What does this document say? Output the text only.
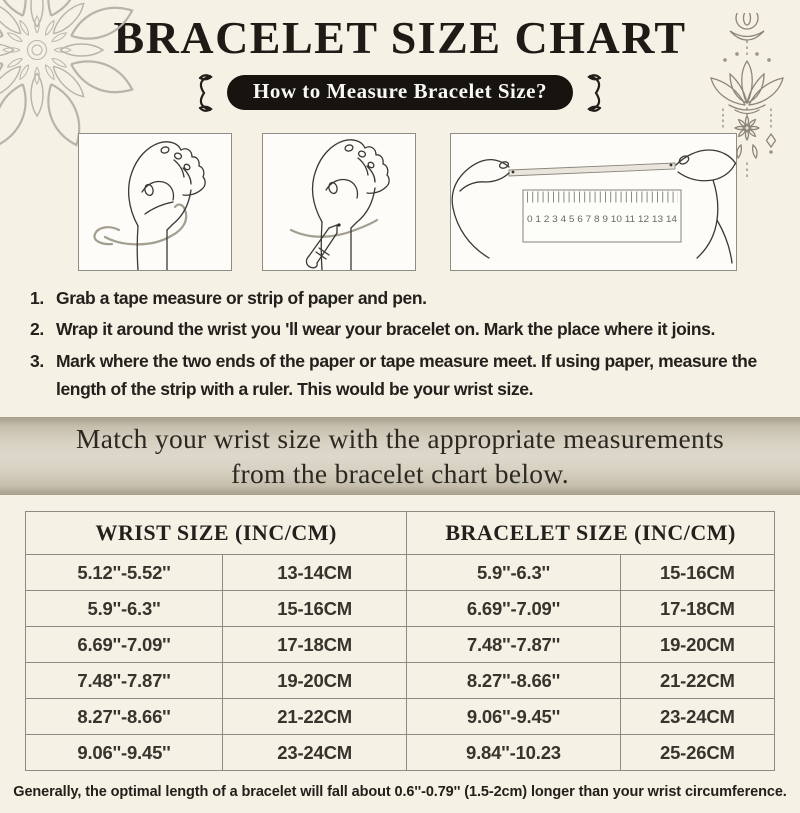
BRACELET SIZE CHART
How to Measure Bracelet Size?
0 1 2 3 4 5 6 7 8 9 10 11 12 13 14
1. Grab a tape measure or strip of paper and pen.
2. Wrap it around the wrist you 'll wear your bracelet on. Mark the place where it joins.
3. Mark where the two ends of the paper or tape measure meet. If using paper, measure the length of the strip with a ruler. This would be your wrist size.
Match your wrist size with the appropriate measurements
from the bracelet chart below.
WRIST SIZE (INC/CM)		BRACELET SIZE (INC/CM)	
5.12''-5.52''	13-14CM	5.9''-6.3''	15-16CM
5.9''-6.3''	15-16CM	6.69''-7.09''	17-18CM
6.69''-7.09''	17-18CM	7.48''-7.87''	19-20CM
7.48''-7.87''	19-20CM	8.27''-8.66''	21-22CM
8.27''-8.66''	21-22CM	9.06''-9.45''	23-24CM
9.06''-9.45''	23-24CM	9.84''-10.23	25-26CM
Generally, the optimal length of a bracelet will fall about 0.6''-0.79'' (1.5-2cm) longer than your wrist circumference.
